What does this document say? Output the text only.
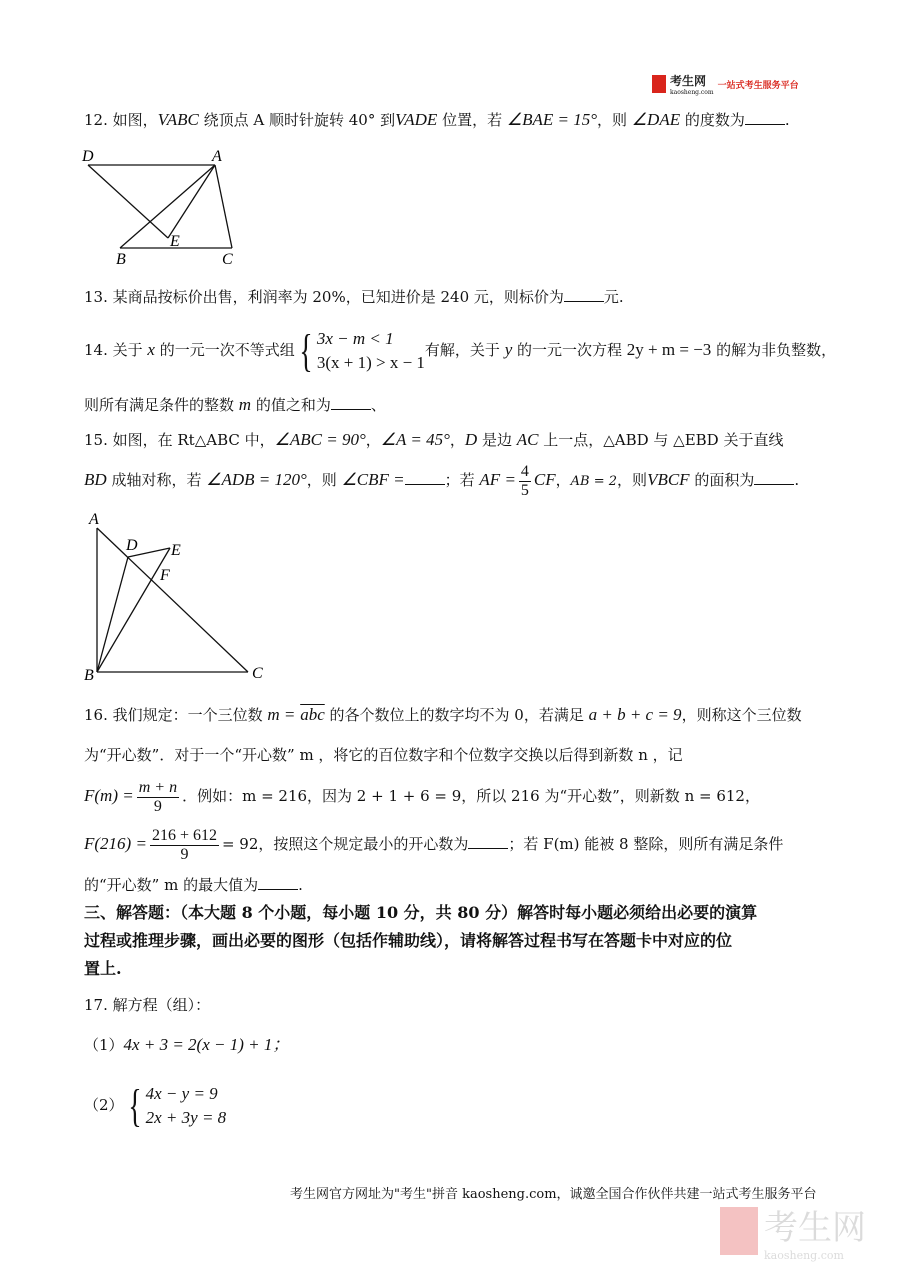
考生网
kaosheng.com
一站式考生服务平台
12. 如图，VABC 绕顶点 A 顺时针旋转 40° 到VADE 位置，若 ∠BAE = 15°，则 ∠DAE 的度数为	.
D	A
E
B	C
13. 某商品按标价出售，利润率为 20%，已知进价是 240 元，则标价为	元.
14. 关于 x 的一元一次不等式组 { 3x − m < 1
3(x + 1) > x − 1
有解，关于 y 的一元一次方程 2y + m = −3 的解为非负整数，
则所有满足条件的整数 m 的值之和为	、
15. 如图，在 Rt△ABC 中，∠ABC = 90°，∠A = 45°，D 是边 AC 上一点，△ABD 与 △EBD 关于直线
BD 成轴对称，若 ∠ADB = 120°，则 ∠CBF =	；若 AF = $\frac{4}{5}$ CF，AB = 2，则VBCF 的面积为	.
A
D E
F
B	C
16. 我们规定：一个三位数 $m = \overline{abc}$ 的各个数位上的数字均不为 0，若满足 a + b + c = 9，则称这个三位数
为“开心数”．对于一个“开心数” m ，将它的百位数字和个位数字交换以后得到新数 n ，记
$F(m) = \frac{m + n}{9}$ ．例如：m = 216，因为 2 + 1 + 6 = 9，所以 216 为“开心数”，则新数 n = 612，
$F(216) = \frac{216 + 612}{9} = 92$，按照这个规定最小的开心数为	；若 F(m) 能被 8 整除，则所有满足条件
的“开心数” m 的最大值为	.
三、解答题：（本大题 8 个小题，每小题 10 分，共 80 分）解答时每小题必须给出必要的演算
过程或推理步骤，画出必要的图形（包括作辅助线），请将解答过程书写在答题卡中对应的位
置上.
17. 解方程（组）：
（1）4x + 3 = 2(x − 1) + 1；
（2） { 4x − y = 9
2x + 3y = 8
考生网官方网址为"考生"拼音 kaosheng.com，诚邀全国合作伙伴共建一站式考生服务平台
考生网
kaosheng.com
